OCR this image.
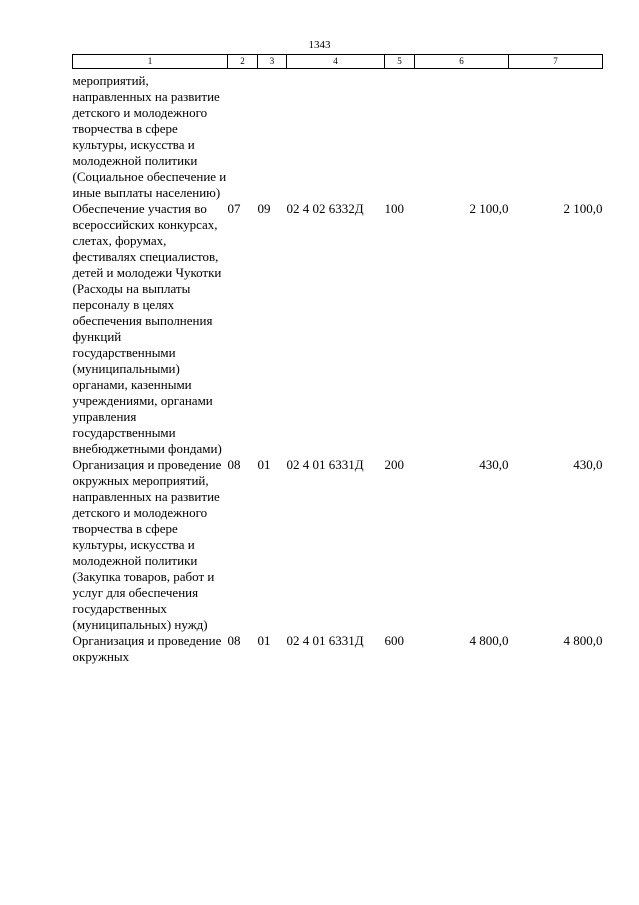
1343
1	2	3	4	5	6	7

мероприятий, направленных на развитие детского и молодежного творчества в сфере культуры, искусства и молодежной политики (Социальное обеспечение и иные выплаты населению)						
Обеспечение участия во всероссийских конкурсах, слетах, форумах, фестивалях специалистов, детей и молодежи Чукотки (Расходы на выплаты персоналу в целях обеспечения выполнения функций государственными (муниципальными) органами, казенными учреждениями, органами управления государственными внебюджетными фондами)	07	09	02 4 02 6332Д	100	2 100,0	2 100,0
Организация и проведение окружных мероприятий, направленных на развитие детского и молодежного творчества в сфере культуры, искусства и молодежной политики (Закупка товаров, работ и услуг для обеспечения государственных (муниципальных) нужд)	08	01	02 4 01 6331Д	200	430,0	430,0
Организация и проведение окружных	08	01	02 4 01 6331Д	600	4 800,0	4 800,0
